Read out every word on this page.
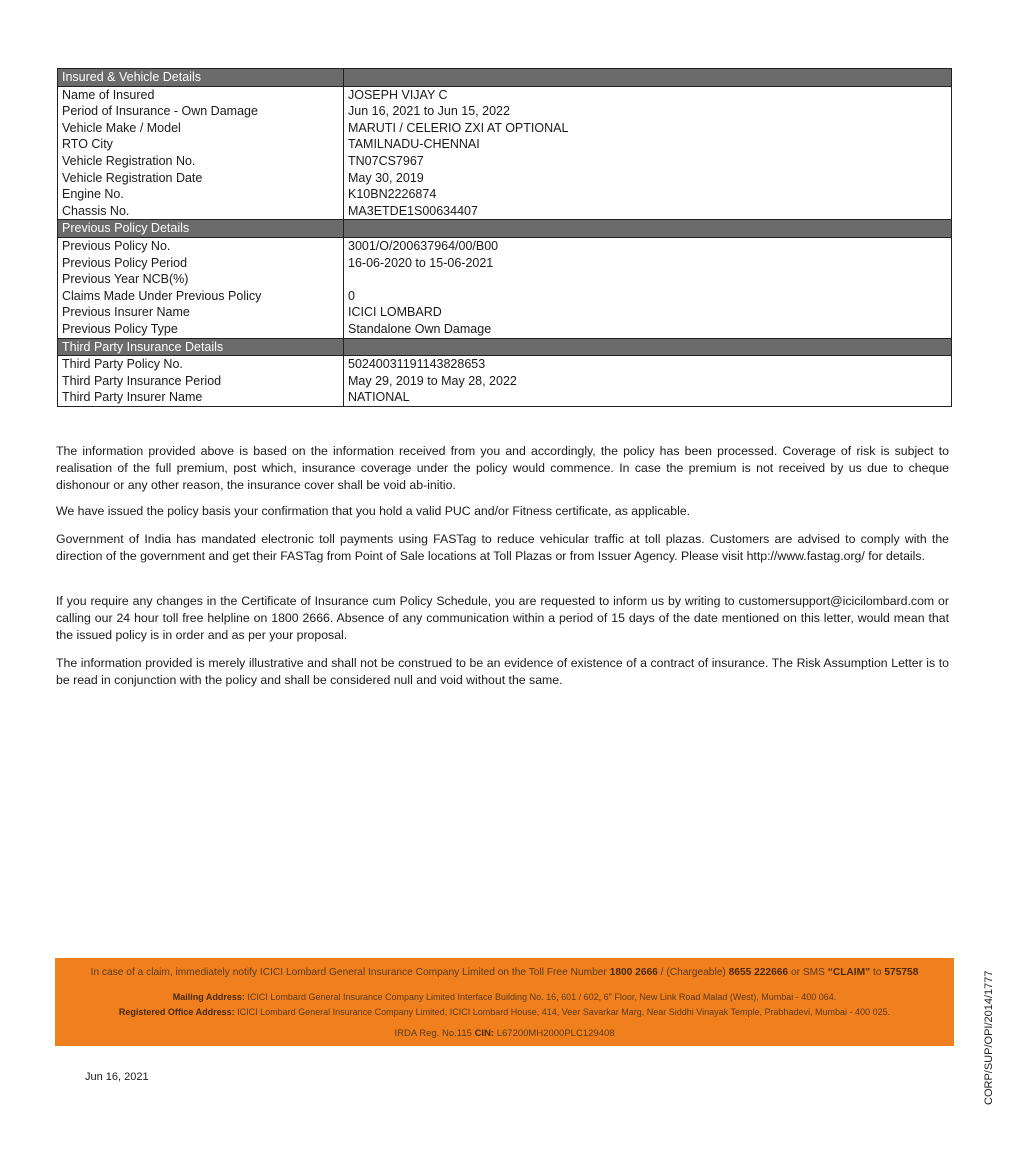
Insured & Vehicle Details	
Name of Insured	JOSEPH VIJAY C
Period of Insurance - Own Damage	Jun 16, 2021 to Jun 15, 2022
Vehicle Make / Model	MARUTI / CELERIO ZXI AT OPTIONAL
RTO City	TAMILNADU-CHENNAI
Vehicle Registration No.	TN07CS7967
Vehicle Registration Date	May 30, 2019
Engine No.	K10BN2226874
Chassis No.	MA3ETDE1S00634407
Previous Policy Details	
Previous Policy No.	3001/O/200637964/00/B00
Previous Policy Period	16-06-2020 to 15-06-2021
Previous Year NCB(%)	
Claims Made Under Previous Policy	0
Previous Insurer Name	ICICI LOMBARD
Previous Policy Type	Standalone Own Damage
Third Party Insurance Details	
Third Party Policy No.	50240031191143828653
Third Party Insurance Period	May 29, 2019 to May 28, 2022
Third Party Insurer Name	NATIONAL

The information provided above is based on the information received from you and accordingly, the policy has been processed. Coverage of risk is subject to realisation of the full premium, post which, insurance coverage under the policy would commence. In case the premium is not received by us due to cheque dishonour or any other reason, the insurance cover shall be void ab-initio.

We have issued the policy basis your confirmation that you hold a valid PUC and/or Fitness certificate, as applicable.

Government of India has mandated electronic toll payments using FASTag to reduce vehicular traffic at toll plazas. Customers are advised to comply with the direction of the government and get their FASTag from Point of Sale locations at Toll Plazas or from Issuer Agency. Please visit http://www.fastag.org/ for details.

If you require any changes in the Certificate of Insurance cum Policy Schedule, you are requested to inform us by writing to customersupport@icicilombard.com or calling our 24 hour toll free helpline on 1800 2666. Absence of any communication within a period of 15 days of the date mentioned on this letter, would mean that the issued policy is in order and as per your proposal.

The information provided is merely illustrative and shall not be construed to be an evidence of existence of a contract of insurance. The Risk Assumption Letter is to be read in conjunction with the policy and shall be considered null and void without the same.

In case of a claim, immediately notify ICICI Lombard General Insurance Company Limited on the Toll Free Number 1800 2666 / (Chargeable) 8655 222666 or SMS “CLAIM” to 575758
Mailing Address: ICICI Lombard General Insurance Company Limited Interface Building No. 16, 601 / 602, 6" Floor, New Link Road Malad (West), Mumbai - 400 064.
Registered Office Address: ICICI Lombard General Insurance Company Limited, ICICI Lombard House, 414, Veer Savarkar Marg, Near Siddhi Vinayak Temple, Prabhadevi, Mumbai - 400 025.
IRDA Reg. No.115 CIN: L67200MH2000PLC129408
Jun 16, 2021	CORP/SUP/OPI/2014/1777
